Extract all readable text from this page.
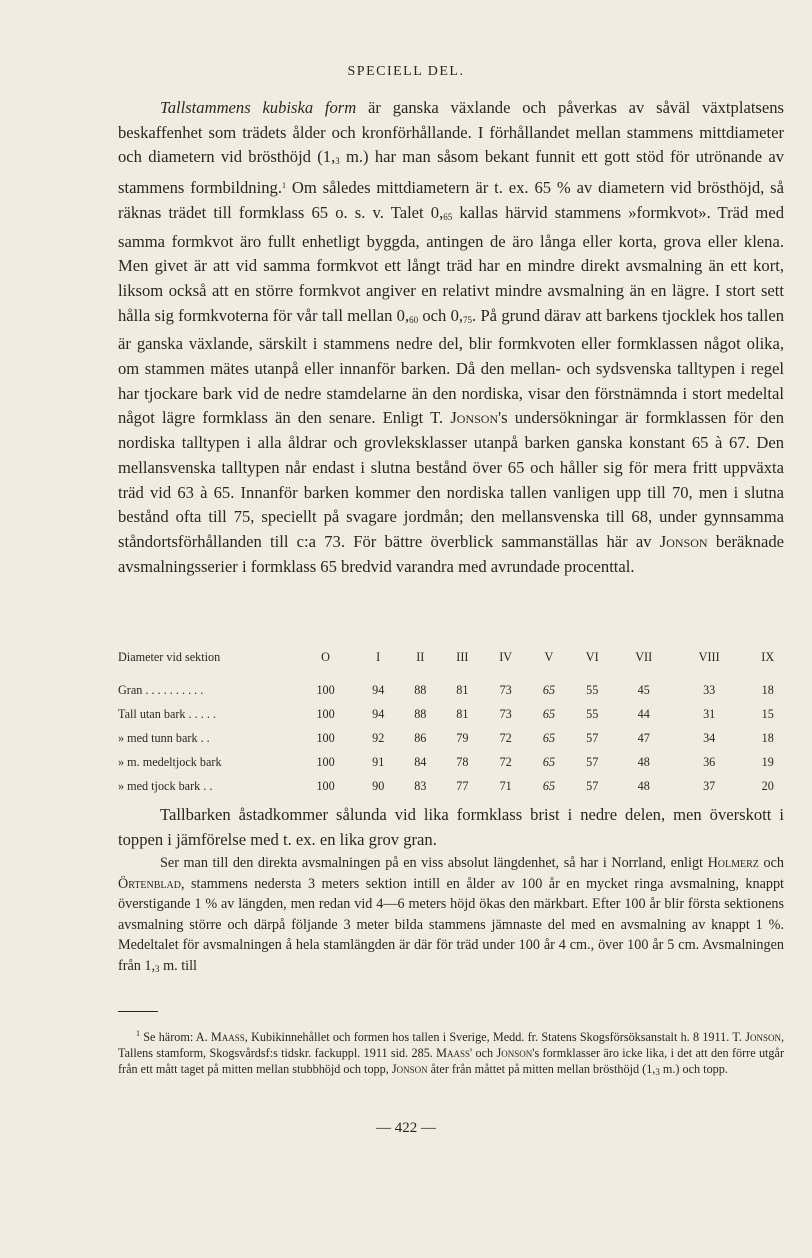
SPECIELL DEL.

Tallstammens kubiska form är ganska växlande och påverkas av såväl växtplatsens beskaffenhet som trädets ålder och kronförhållande. I förhållandet mellan stammens mittdiameter och diametern vid brösthöjd ($1,_3$ m.) har man såsom bekant funnit ett gott stöd för utrönande av stammens formbildning.$^1$ Om således mittdiametern är t. ex. 65 % av diametern vid brösthöjd, så räknas trädet till formklass 65 o. s. v. Talet $0,_{65}$ kallas härvid stammens »formkvot». Träd med samma formkvot äro fullt enhetligt byggda, antingen de äro långa eller korta, grova eller klena. Men givet är att vid samma formkvot ett långt träd har en mindre direkt avsmalning än ett kort, liksom också att en större formkvot angiver en relativt mindre avsmalning än en lägre. I stort sett hålla sig formkvoterna för vår tall mellan $0,_{60}$ och $0,_{75}$. På grund därav att barkens tjocklek hos tallen är ganska växlande, särskilt i stammens nedre del, blir formkvoten eller formklassen något olika, om stammen mätes utanpå eller innanför barken. Då den mellan- och sydsvenska talltypen i regel har tjockare bark vid de nedre stamdelarne än den nordiska, visar den förstnämnda i stort medeltal något lägre formklass än den senare. Enligt T. Jonson's undersökningar är formklassen för den nordiska talltypen i alla åldrar och grovleksklasser utanpå barken ganska konstant 65 à 67. Den mellansvenska talltypen når endast i slutna bestånd över 65 och håller sig för mera fritt uppväxta träd vid 63 à 65. Innanför barken kommer den nordiska tallen vanligen upp till 70, men i slutna bestånd ofta till 75, speciellt på svagare jordmån; den mellansvenska till 68, under gynnsamma ståndortsförhållanden till c:a 73. För bättre överblick sammanställas här av Jonson beräknade avsmalningsserier i formklass 65 bredvid varandra med avrundade procenttal.

Diameter vid sektion	O	I	II	III	IV	V	VI	VII	VIII	IX
Gran . . . . . . . . . .	100	94	88	81	73	65	55	45	33	18
Tall utan bark . . . . .	100	94	88	81	73	65	55	44	31	15
» med tunn bark . .	100	92	86	79	72	65	57	47	34	18
» m. medeltjock bark	100	91	84	78	72	65	57	48	36	19
» med tjock bark . .	100	90	83	77	71	65	57	48	37	20

Tallbarken åstadkommer sålunda vid lika formklass brist i nedre delen, men överskott i toppen i jämförelse med t. ex. en lika grov gran.

Ser man till den direkta avsmalningen på en viss absolut längdenhet, så har i Norrland, enligt Holmerz och Örtenblad, stammens nedersta 3 meters sektion intill en ålder av 100 år en mycket ringa avsmalning, knappt överstigande 1 % av längden, men redan vid 4—6 meters höjd ökas den märkbart. Efter 100 år blir första sektionens avsmalning större och därpå följande 3 meter bilda stammens jämnaste del med en avsmalning av knappt 1 %. Medeltalet för avsmalningen å hela stamlängden är där för träd under 100 år 4 cm., över 100 år 5 cm. Avsmalningen från $1,_3$ m. till

$^1$ Se härom: A. Maass, Kubikinnehållet och formen hos tallen i Sverige, Medd. fr. Statens Skogsförsöksanstalt h. 8 1911. T. Jonson, Tallens stamform, Skogsvårdsf:s tidskr. fackuppl. 1911 sid. 285. Maass' och Jonson's formklasser äro icke lika, i det att den förre utgår från ett mått taget på mitten mellan stubbhöjd och topp, Jonson åter från måttet på mitten mellan brösthöjd ($1,_3$ m.) och topp.

— 422 —
